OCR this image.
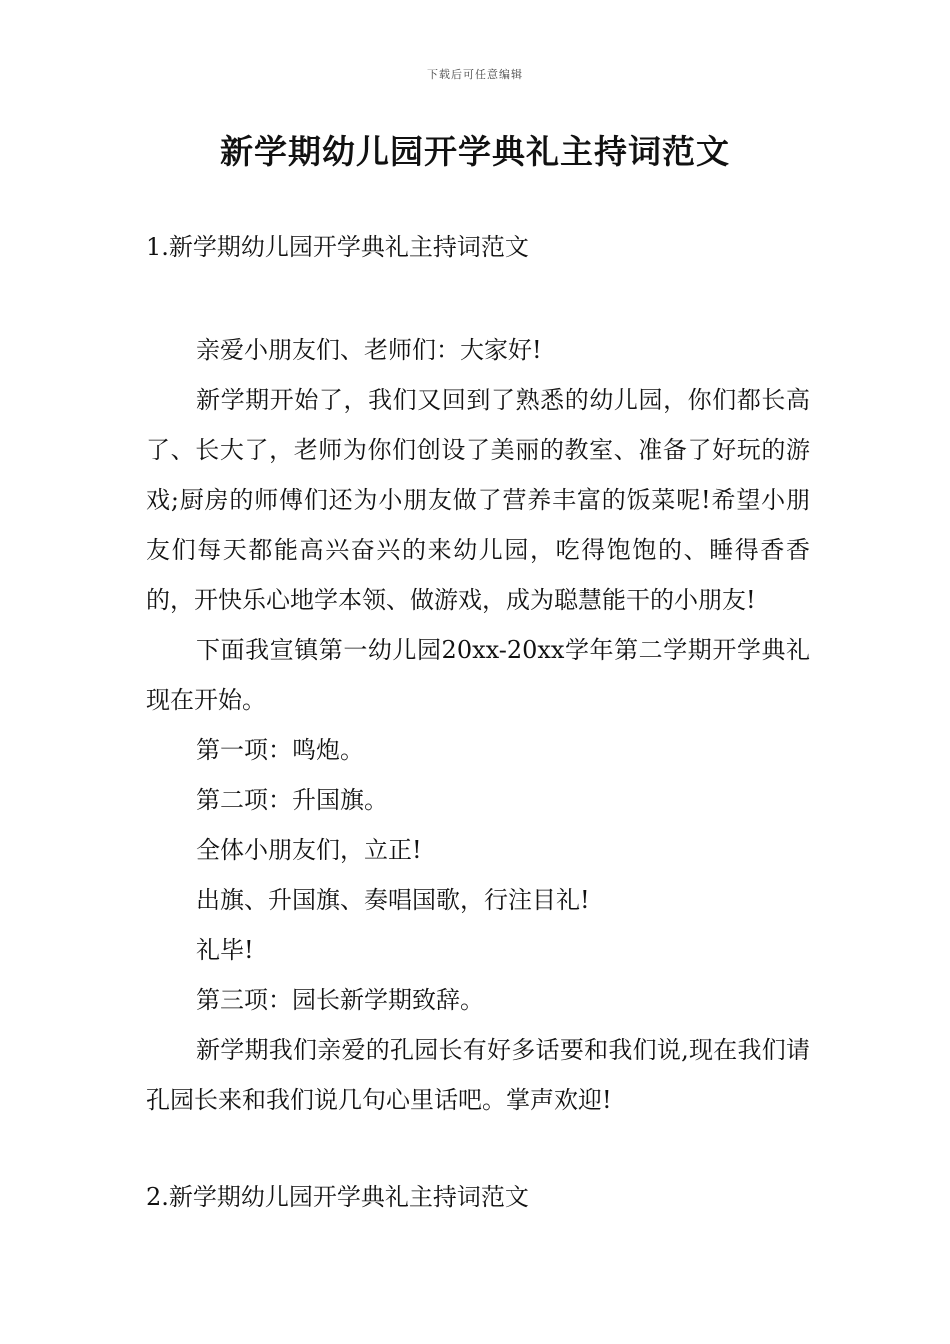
下载后可任意编辑
新学期幼儿园开学典礼主持词范文

1.新学期幼儿园开学典礼主持词范文

亲爱小朋友们、老师们：大家好!

新学期开始了，我们又回到了熟悉的幼儿园，你们都长高了、长大了，老师为你们创设了美丽的教室、准备了好玩的游戏;厨房的师傅们还为小朋友做了营养丰富的饭菜呢!希望小朋友们每天都能高兴奋兴的来幼儿园，吃得饱饱的、睡得香香的，开快乐心地学本领、做游戏，成为聪慧能干的小朋友!

下面我宣镇第一幼儿园20xx-20xx学年第二学期开学典礼现在开始。

第一项：鸣炮。

第二项：升国旗。

全体小朋友们，立正!

出旗、升国旗、奏唱国歌，行注目礼!

礼毕!

第三项：园长新学期致辞。

新学期我们亲爱的孔园长有好多话要和我们说,现在我们请孔园长来和我们说几句心里话吧。掌声欢迎!

2.新学期幼儿园开学典礼主持词范文
